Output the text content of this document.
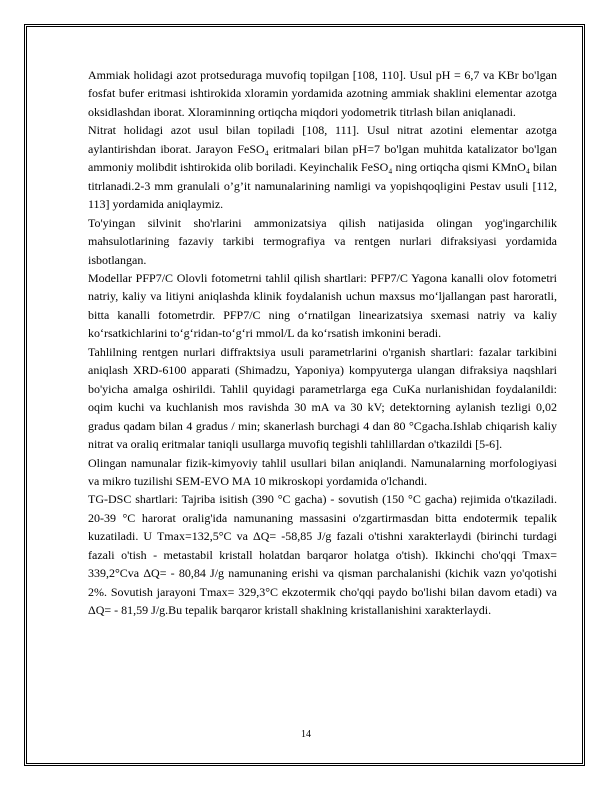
Ammiak holidagi azot protseduraga muvofiq topilgan [108, 110]. Usul pH = 6,7 va KBr bo'lgan fosfat bufer eritmasi ishtirokida xloramin yordamida azotning ammiak shaklini elementar azotga oksidlashdan iborat. Xloraminning ortiqcha miqdori yodometrik titrlash bilan aniqlanadi.

Nitrat holidagi azot usul bilan topiladi [108, 111]. Usul nitrat azotini elementar azotga aylantirishdan iborat. Jarayon FeSO₄ eritmalari bilan pH=7 bo'lgan muhitda katalizator bo'lgan ammoniy molibdit ishtirokida olib boriladi. Keyinchalik FeSO₄ ning ortiqcha qismi KMnO₄ bilan titrlanadi.2-3 mm granulali o’g’it namunalarining namligi va yopishqoqligini Pestav usuli [112, 113] yordamida aniqlaymiz.

To'yingan silvinit sho'rlarini ammonizatsiya qilish natijasida olingan yog'ingarchilik mahsulotlarining fazaviy tarkibi termografiya va rentgen nurlari difraksiyasi yordamida isbotlangan.

Modellar PFP7/C Olovli fotometrni tahlil qilish shartlari: PFP7/C Yagona kanalli olov fotometri natriy, kaliy va litiyni aniqlashda klinik foydalanish uchun maxsus mo‘ljallangan past haroratli, bitta kanalli fotometrdir. PFP7/C ning o‘rnatilgan linearizatsiya sxemasi natriy va kaliy ko‘rsatkichlarini to‘g‘ridan-to‘g‘ri mmol/L da ko‘rsatish imkonini beradi.

Tahlilning rentgen nurlari diffraktsiya usuli parametrlarini o'rganish shartlari: fazalar tarkibini aniqlash XRD-6100 apparati (Shimadzu, Yaponiya) kompyuterga ulangan difraksiya naqshlari bo'yicha amalga oshirildi. Tahlil quyidagi parametrlarga ega CuKa nurlanishidan foydalanildi: oqim kuchi va kuchlanish mos ravishda 30 mA va 30 kV; detektorning aylanish tezligi 0,02 gradus qadam bilan 4 gradus / min; skanerlash burchagi 4 dan 80 °Cgacha.Ishlab chiqarish kaliy nitrat va oraliq eritmalar taniqli usullarga muvofiq tegishli tahlillardan o'tkazildi [5-6].

Olingan namunalar fizik-kimyoviy tahlil usullari bilan aniqlandi. Namunalarning morfologiyasi va mikro tuzilishi SEM-EVO MA 10 mikroskopi yordamida o'lchandi.

TG-DSC shartlari: Tajriba isitish (390 °C gacha) - sovutish (150 °C gacha) rejimida o'tkaziladi. 20-39 °C harorat oralig'ida namunaning massasini o'zgartirmasdan bitta endotermik tepalik kuzatiladi. U Tmax=132,5°C va ΔQ= -58,85 J/g fazali o'tishni xarakterlaydi (birinchi turdagi fazali o'tish - metastabil kristall holatdan barqaror holatga o'tish). Ikkinchi cho'qqi Tmax= 339,2°Cva ΔQ= - 80,84 J/g namunaning erishi va qisman parchalanishi (kichik vazn yo'qotishi 2%. Sovutish jarayoni Tmax= 329,3°C ekzotermik cho'qqi paydo bo'lishi bilan davom etadi) va ΔQ= - 81,59 J/g.Bu tepalik barqaror kristall shaklning kristallanishini xarakterlaydi.

14
